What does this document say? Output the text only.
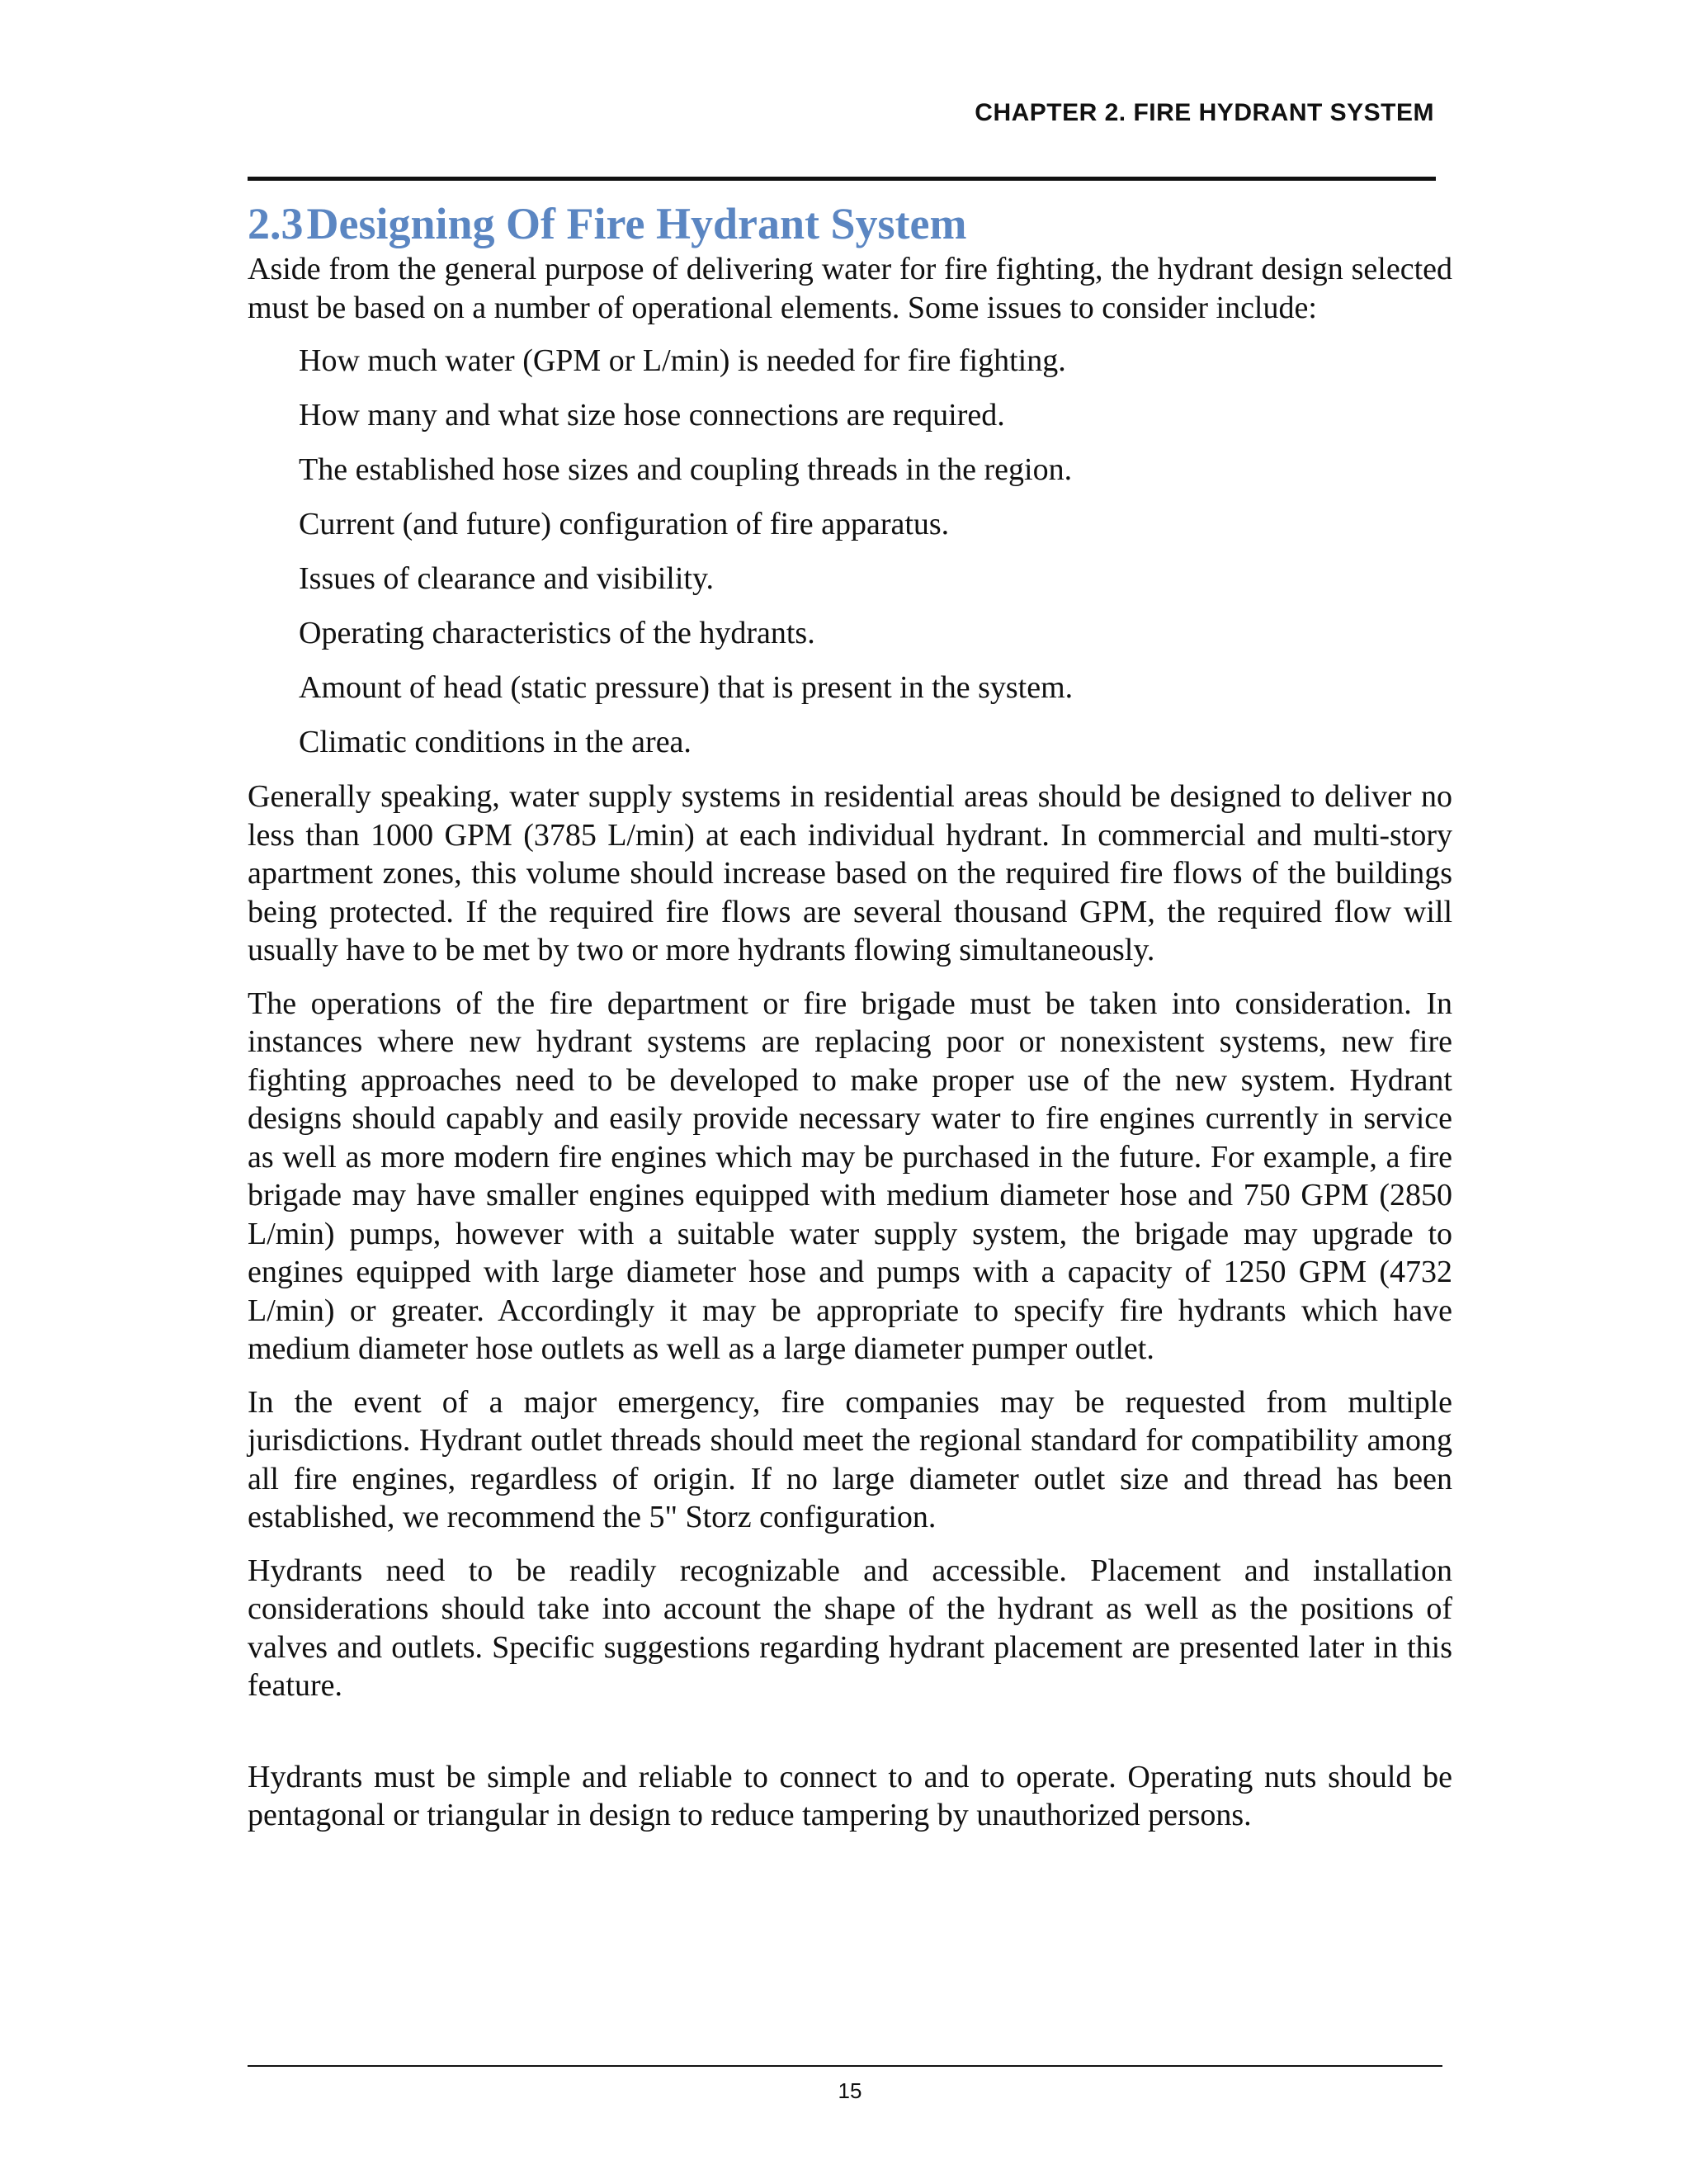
CHAPTER 2. FIRE HYDRANT SYSTEM
2.3Designing Of Fire Hydrant System

Aside from the general purpose of delivering water for fire fighting, the hydrant design selected must be based on a number of operational elements. Some issues to consider include:

How much water (GPM or L/min) is needed for fire fighting.
How many and what size hose connections are required.
The established hose sizes and coupling threads in the region.
Current (and future) configuration of fire apparatus.
Issues of clearance and visibility.
Operating characteristics of the hydrants.
Amount of head (static pressure) that is present in the system.
Climatic conditions in the area.

Generally speaking, water supply systems in residential areas should be designed to deliver no less than 1000 GPM (3785 L/min) at each individual hydrant. In commercial and multi-story apartment zones, this volume should increase based on the required fire flows of the buildings being protected. If the required fire flows are several thousand GPM, the required flow will usually have to be met by two or more hydrants flowing simultaneously.

The operations of the fire department or fire brigade must be taken into consideration. In instances where new hydrant systems are replacing poor or nonexistent systems, new fire fighting approaches need to be developed to make proper use of the new system. Hydrant designs should capably and easily provide necessary water to fire engines currently in service as well as more modern fire engines which may be purchased in the future. For example, a fire brigade may have smaller engines equipped with medium diameter hose and 750 GPM (2850 L/min) pumps, however with a suitable water supply system, the brigade may upgrade to engines equipped with large diameter hose and pumps with a capacity of 1250 GPM (4732 L/min) or greater. Accordingly it may be appropriate to specify fire hydrants which have medium diameter hose outlets as well as a large diameter pumper outlet.

In the event of a major emergency, fire companies may be requested from multiple jurisdictions. Hydrant outlet threads should meet the regional standard for compatibility among all fire engines, regardless of origin. If no large diameter outlet size and thread has been established, we recommend the 5" Storz configuration.

Hydrants need to be readily recognizable and accessible. Placement and installation considerations should take into account the shape of the hydrant as well as the positions of valves and outlets. Specific suggestions regarding hydrant placement are presented later in this feature.

Hydrants must be simple and reliable to connect to and to operate. Operating nuts should be pentagonal or triangular in design to reduce tampering by unauthorized persons.

15
